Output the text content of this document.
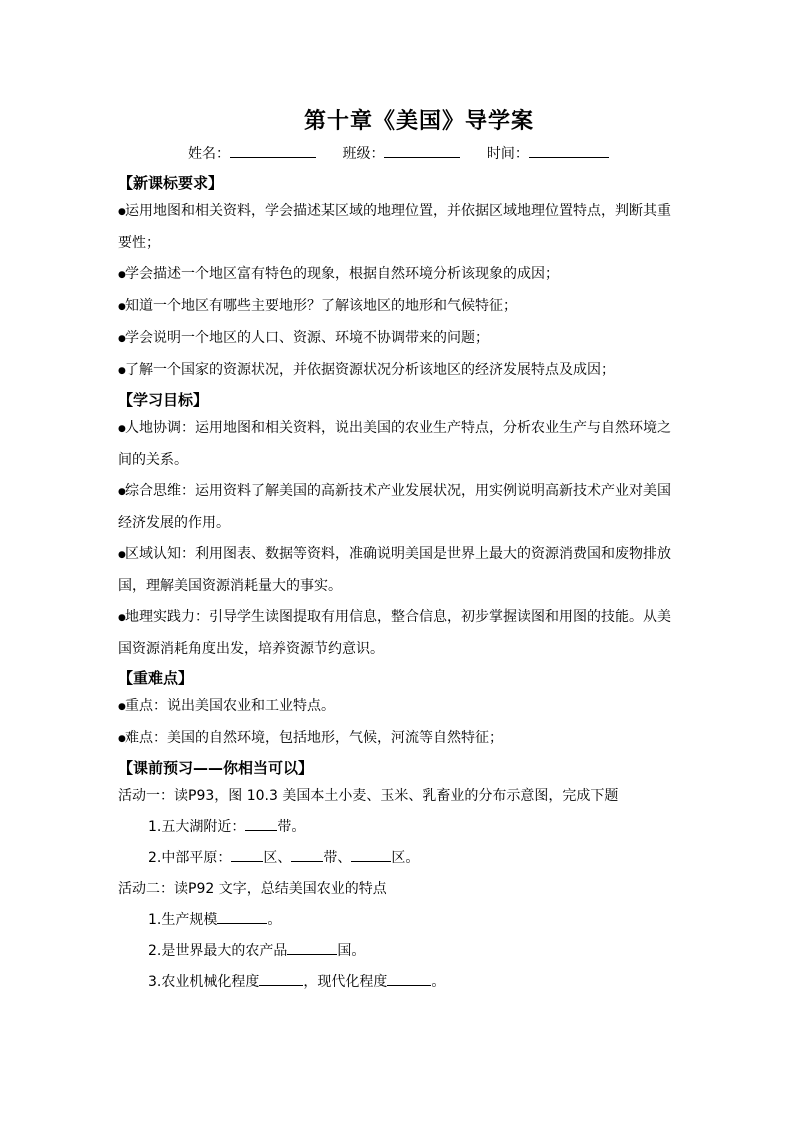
第十章《美国》导学案
姓名：	班级：	时间：
【新课标要求】
●运用地图和相关资料，学会描述某区域的地理位置，并依据区域地理位置特点，判断其重
要性；
●学会描述一个地区富有特色的现象，根据自然环境分析该现象的成因；
●知道一个地区有哪些主要地形？了解该地区的地形和气候特征；
●学会说明一个地区的人口、资源、环境不协调带来的问题；
●了解一个国家的资源状况，并依据资源状况分析该地区的经济发展特点及成因；
【学习目标】
●人地协调：运用地图和相关资料，说出美国的农业生产特点，分析农业生产与自然环境之
间的关系。
●综合思维：运用资料了解美国的高新技术产业发展状况，用实例说明高新技术产业对美国
经济发展的作用。
●区域认知：利用图表、数据等资料，准确说明美国是世界上最大的资源消费国和废物排放
国，理解美国资源消耗量大的事实。
●地理实践力：引导学生读图提取有用信息，整合信息，初步掌握读图和用图的技能。从美
国资源消耗角度出发，培养资源节约意识。
【重难点】
●重点：说出美国农业和工业特点。
●难点：美国的自然环境，包括地形，气候，河流等自然特征；
【课前预习——你相当可以】
活动一：读P93，图 10.3 美国本土小麦、玉米、乳畜业的分布示意图，完成下题
1.五大湖附近： 带。
2.中部平原： 区、 带、	区。
活动二：读P92 文字，总结美国农业的特点
1.生产规模	。
2.是世界最大的农产品	国。
3.农业机械化程度	，现代化程度	。
